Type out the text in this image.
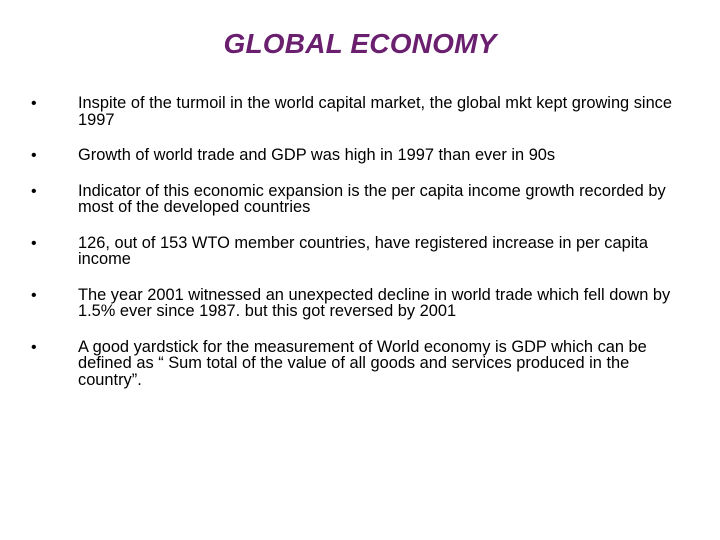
GLOBAL ECONOMY
•	Inspite of the turmoil in the world capital market, the global mkt kept growing since 1997
•	Growth of world trade and GDP was high in 1997 than ever in 90s
•	Indicator of this economic expansion is the per capita income growth recorded by most of the developed countries
•	126, out of 153 WTO member countries, have registered increase in per capita income
•	The year 2001 witnessed an unexpected decline in world trade which fell down by 1.5% ever since 1987. but this got reversed by 2001
•	A good yardstick for the measurement of World economy is GDP which can be defined as “ Sum total of the value of all goods and services produced in the country”.
